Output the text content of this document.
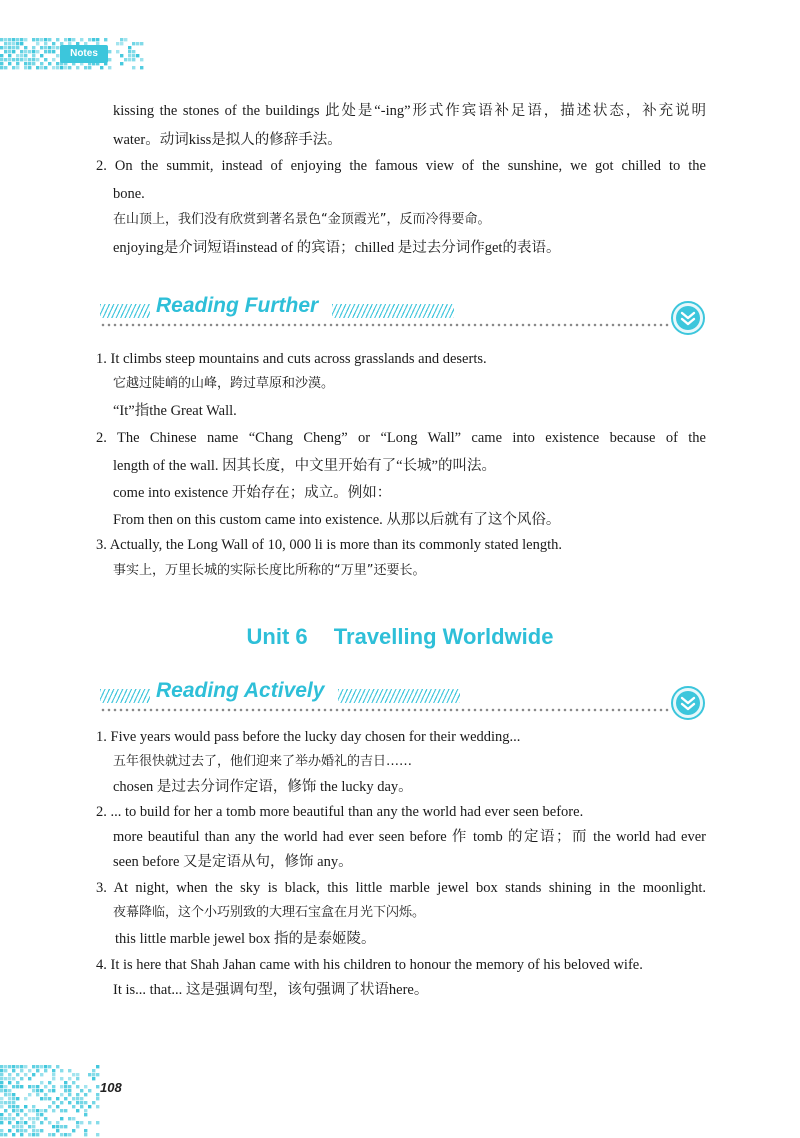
Notes
kissing the stones of the buildings 此处是“-ing”形式作宾语补足语，描述状态，补充说明
water。动词kiss是拟人的修辞手法。
2. On the summit, instead of enjoying the famous view of the sunshine, we got chilled to the
bone.
在山顶上，我们没有欣赏到著名景色“金顶霞光”，反而冷得要命。
enjoying是介词短语instead of 的宾语；chilled 是过去分词作get的表语。
Reading Further
1. It climbs steep mountains and cuts across grasslands and deserts.
它越过陡峭的山峰，跨过草原和沙漠。
“It”指the Great Wall.
2. The Chinese name “Chang Cheng” or “Long Wall” came into existence because of the
length of the wall. 因其长度，中文里开始有了“长城”的叫法。
come into existence 开始存在；成立。例如：
From then on this custom came into existence. 从那以后就有了这个风俗。
3. Actually, the Long Wall of 10, 000 li is more than its commonly stated length.
事实上，万里长城的实际长度比所称的“万里”还要长。
Unit 6 Travelling Worldwide
Reading Actively
1. Five years would pass before the lucky day chosen for their wedding...
五年很快就过去了，他们迎来了举办婚礼的吉日……
chosen 是过去分词作定语，修饰 the lucky day。
2. ... to build for her a tomb more beautiful than any the world had ever seen before.
more beautiful than any the world had ever seen before 作 tomb 的定语；而 the world had ever
seen before 又是定语从句，修饰 any。
3. At night, when the sky is black, this little marble jewel box stands shining in the moonlight.
夜幕降临，这个小巧别致的大理石宝盒在月光下闪烁。
this little marble jewel box 指的是泰姬陵。
4. It is here that Shah Jahan came with his children to honour the memory of his beloved wife.
It is... that... 这是强调句型，该句强调了状语here。
108
